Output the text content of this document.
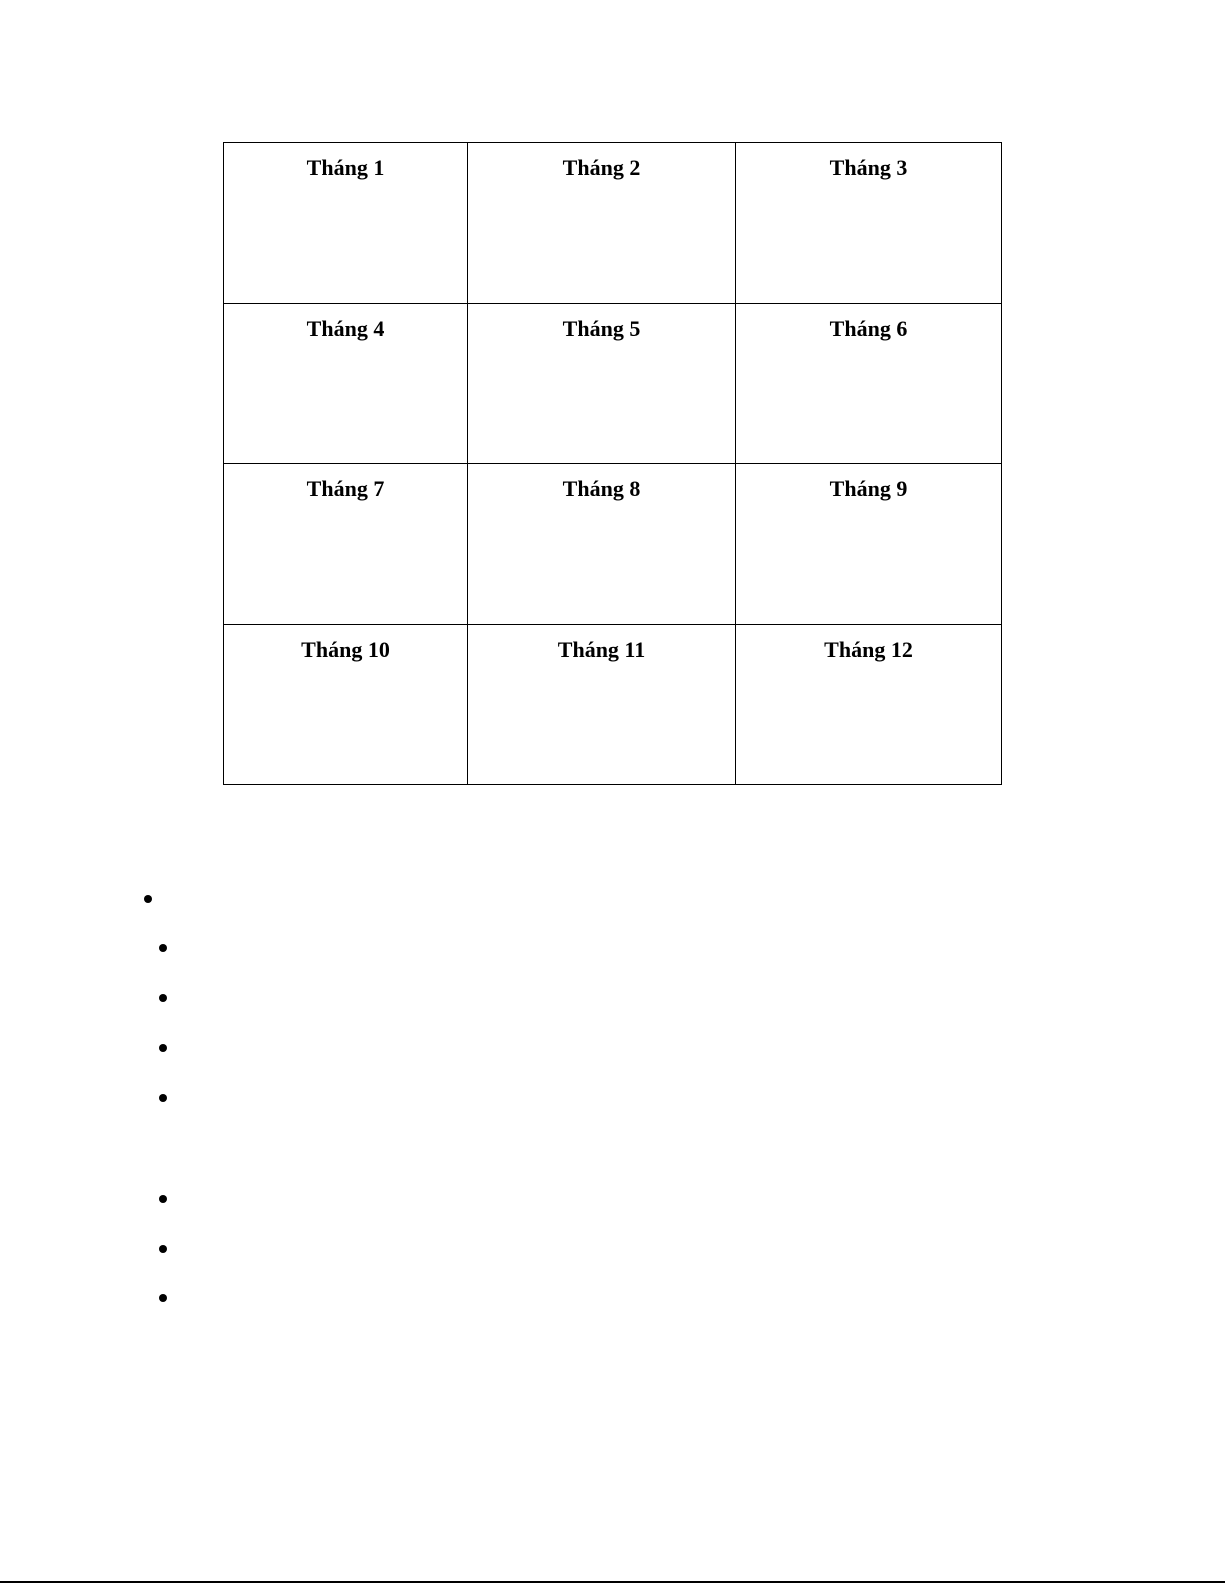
Tháng 1	Tháng 2	Tháng 3
Tháng 4	Tháng 5	Tháng 6
Tháng 7	Tháng 8	Tháng 9
Tháng 10	Tháng 11	Tháng 12
